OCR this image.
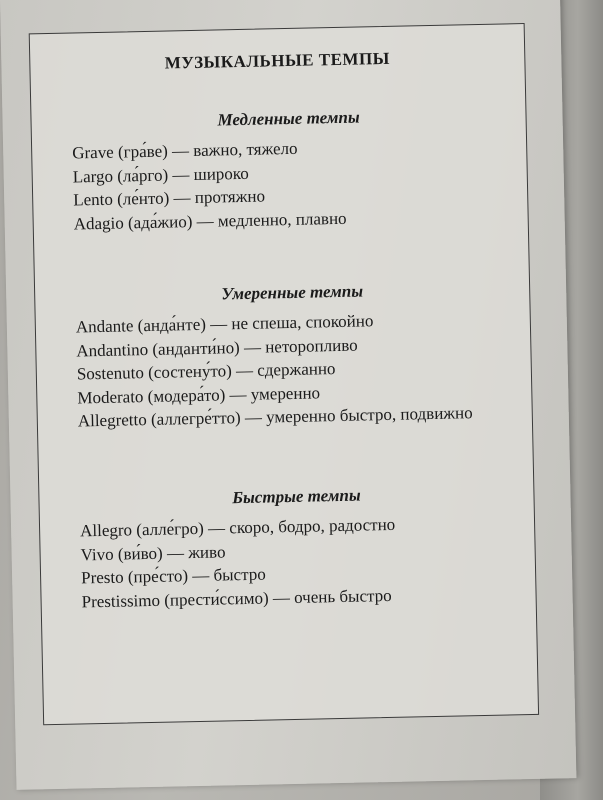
МУЗЫКАЛЬНЫЕ ТЕМПЫ
Медленные темпы
Grave (гра́ве) — важно, тяжело
Largo (ла́рго) — широко
Lento (ле́нто) — протяжно
Adagio (ада́жио) — медленно, плавно
Умеренные темпы
Andante (анда́нте) — не спеша, спокойно
Andantino (анданти́но) — неторопливо
Sostenuto (состену́то) — сдержанно
Moderato (модера́то) — умеренно
Allegretto (аллегре́тто) — умеренно быстро, подвижно
Быстрые темпы
Allegro (алле́гро) — скоро, бодро, радостно
Vivo (ви́во) — живо
Presto (пре́сто) — быстро
Prestissimo (прести́ссимо) — очень быстро
